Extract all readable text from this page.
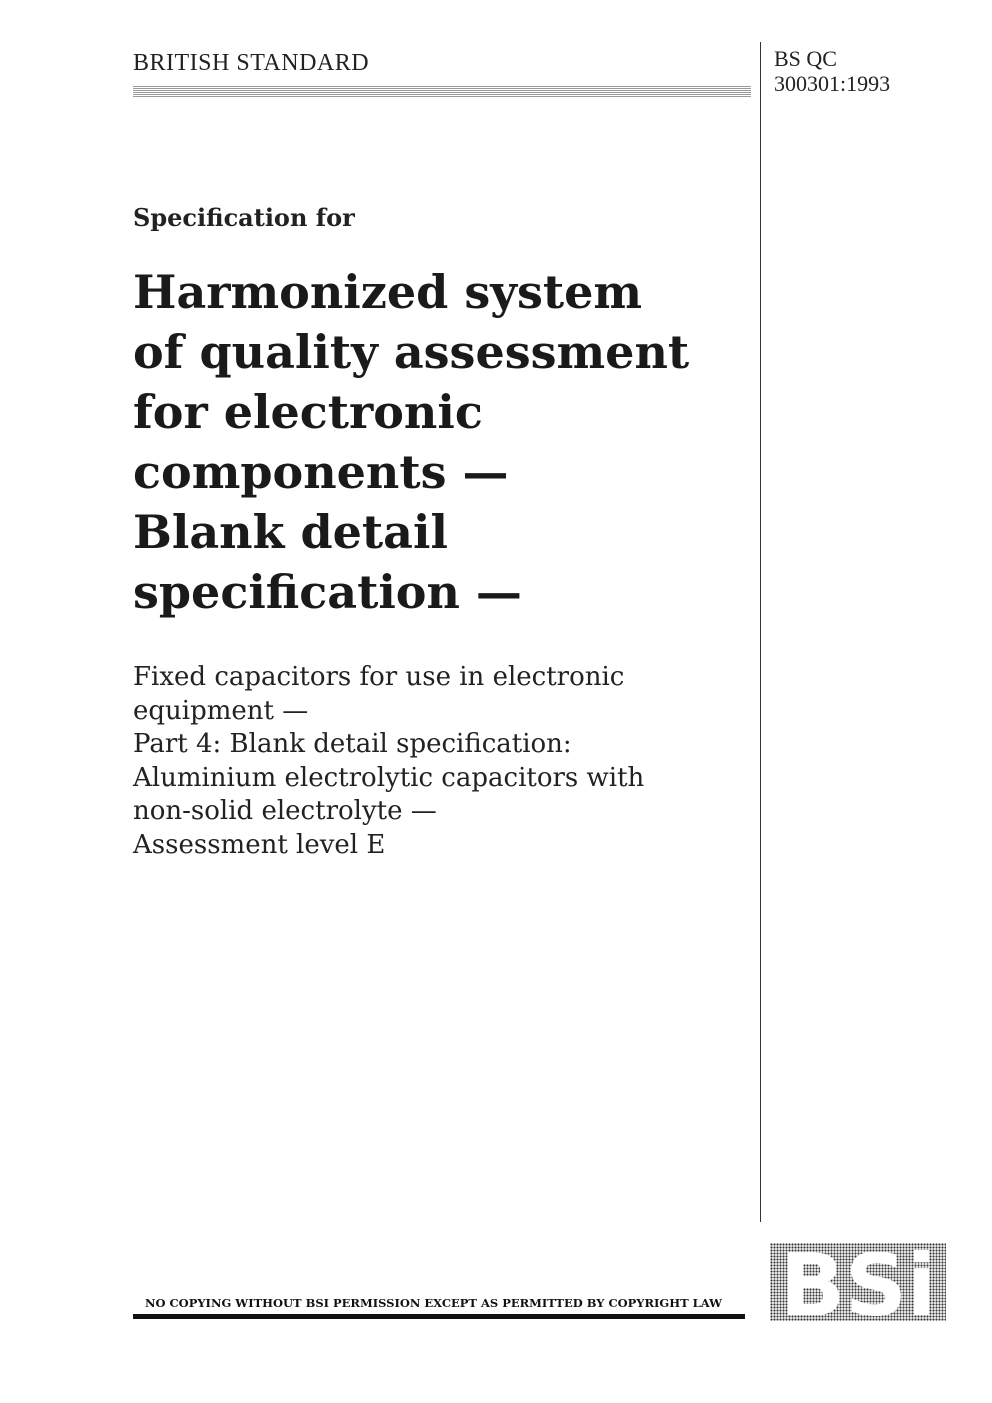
BRITISH STANDARD	BS QC
300301:1993
Specification for
Harmonized system
of quality assessment
for electronic
components —
Blank detail
specification —
Fixed capacitors for use in electronic
equipment —
Part 4: Blank detail specification:
Aluminium electrolytic capacitors with
non-solid electrolyte —
Assessment level E
NO COPYING WITHOUT BSI PERMISSION EXCEPT AS PERMITTED BY COPYRIGHT LAW BSi
